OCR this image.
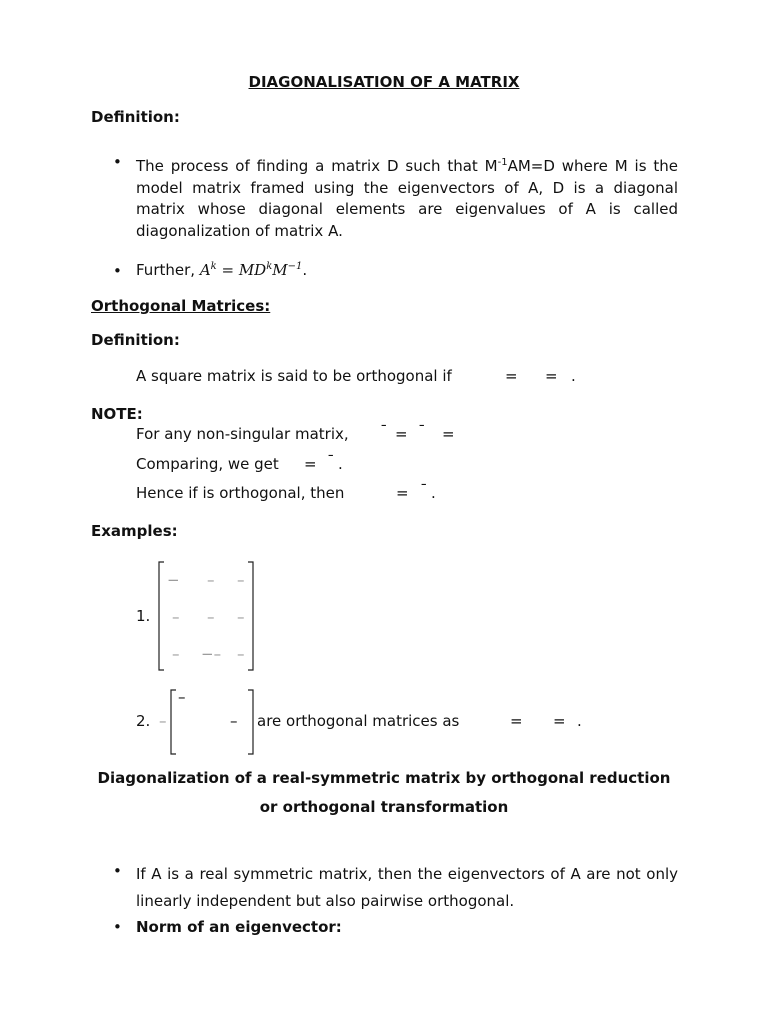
DIAGONALISATION OF A MATRIX
Definition:
• The process of finding a matrix D such that $M^{-1}AM=D$ where M is the model matrix framed using the eigenvectors of A, D is a diagonal matrix whose diagonal elements are eigenvalues of A is called diagonalization of matrix A.
• Further, $A^k = MD^kM^{-1}$.
Orthogonal Matrices:
Definition:
A square matrix is said to be orthogonal if	= = .
NOTE:
For any non-singular matrix, ˉ = ˉ =
Comparing, we get = ˉ .
Hence if is orthogonal, then	= ˉ .
Examples:
1.
− – –
– – –
– −– –
2. –
–
– are orthogonal matrices as	= = .
Diagonalization of a real-symmetric matrix by orthogonal reduction
or orthogonal transformation
• If A is a real symmetric matrix, then the eigenvectors of A are not only linearly independent but also pairwise orthogonal.
• Norm of an eigenvector:
